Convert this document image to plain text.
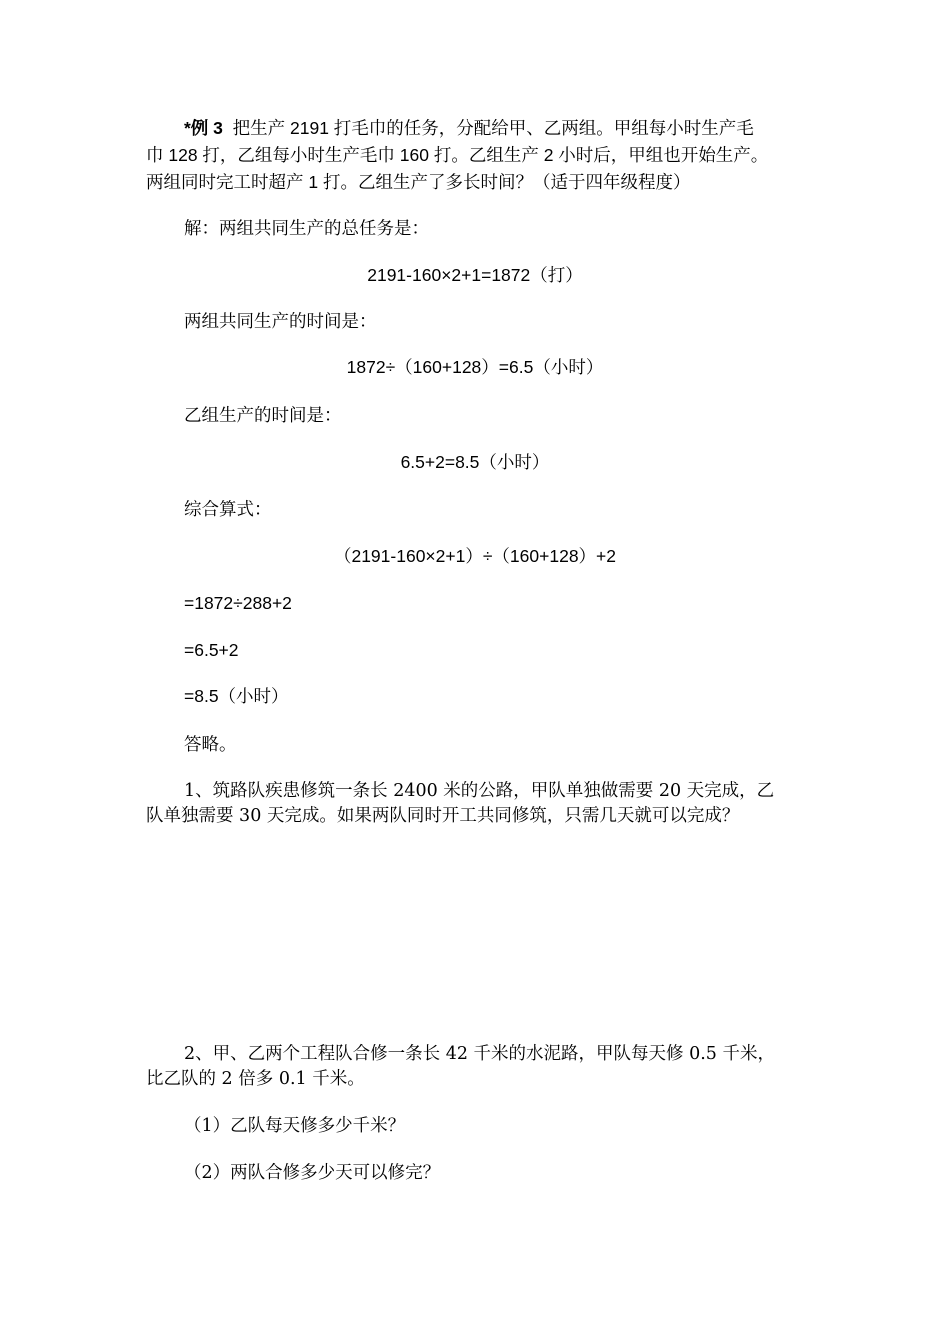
*例 3 把生产 2191 打毛巾的任务，分配给甲、乙两组。甲组每小时生产毛
巾 128 打，乙组每小时生产毛巾 160 打。乙组生产 2 小时后，甲组也开始生产。
两组同时完工时超产 1 打。乙组生产了多长时间？（适于四年级程度）
解：两组共同生产的总任务是：
2191-160×2+1=1872（打）
两组共同生产的时间是：
1872÷（160+128）=6.5（小时）
乙组生产的时间是：
6.5+2=8.5（小时）
综合算式：
（2191-160×2+1）÷（160+128）+2
=1872÷288+2
=6.5+2
=8.5（小时）
答略。
1、筑路队疾患修筑一条长 2400 米的公路，甲队单独做需要 20 天完成，乙
队单独需要 30 天完成。如果两队同时开工共同修筑，只需几天就可以完成？
2、甲、乙两个工程队合修一条长 42 千米的水泥路，甲队每天修 0.5 千米，
比乙队的 2 倍多 0.1 千米。
（1）乙队每天修多少千米？
（2）两队合修多少天可以修完？
